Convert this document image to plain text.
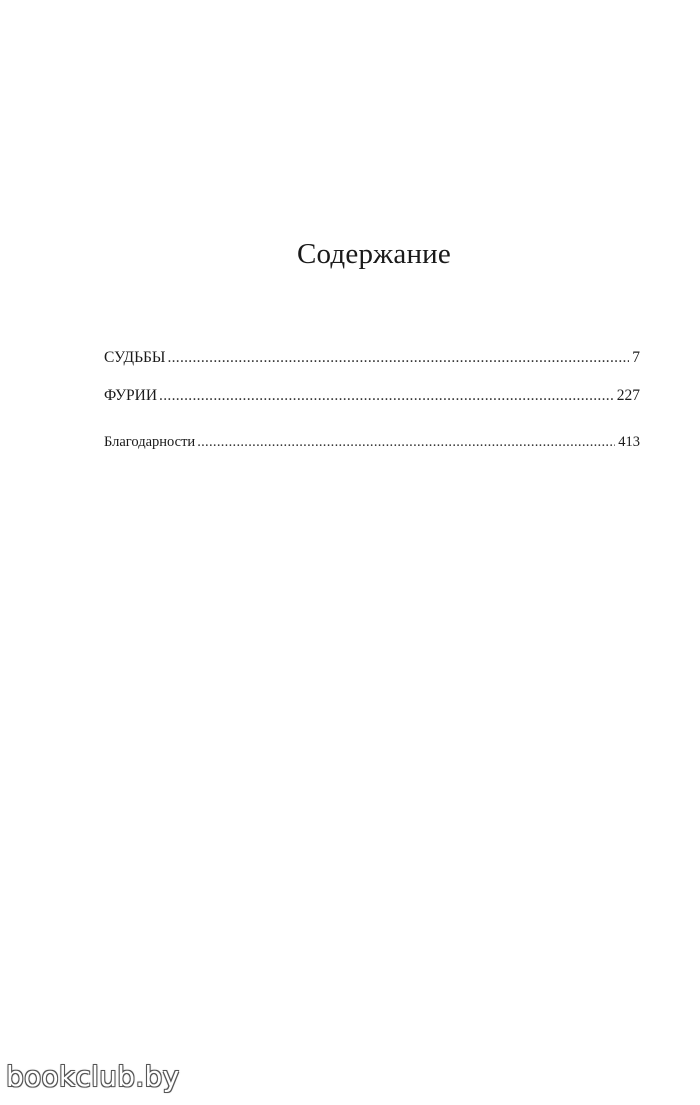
Содержание
СУДЬБЫ .....	7
ФУРИИ .....	227
Благодарности .....	413
bookclub.by
